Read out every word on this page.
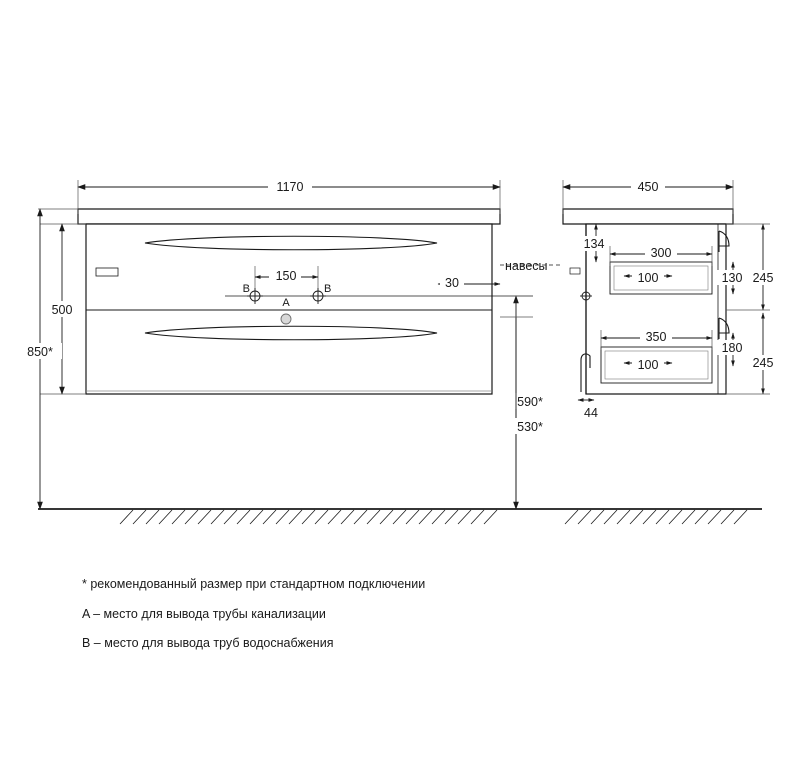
1170
500
850*
150
B	B
A
30
590*
530*
навесы
450
134
300
100	130 245
350
100
180
245
44
* рекомендованный размер при стандартном подключении
A – место для вывода трубы канализации
B – место для вывода труб водоснабжения
